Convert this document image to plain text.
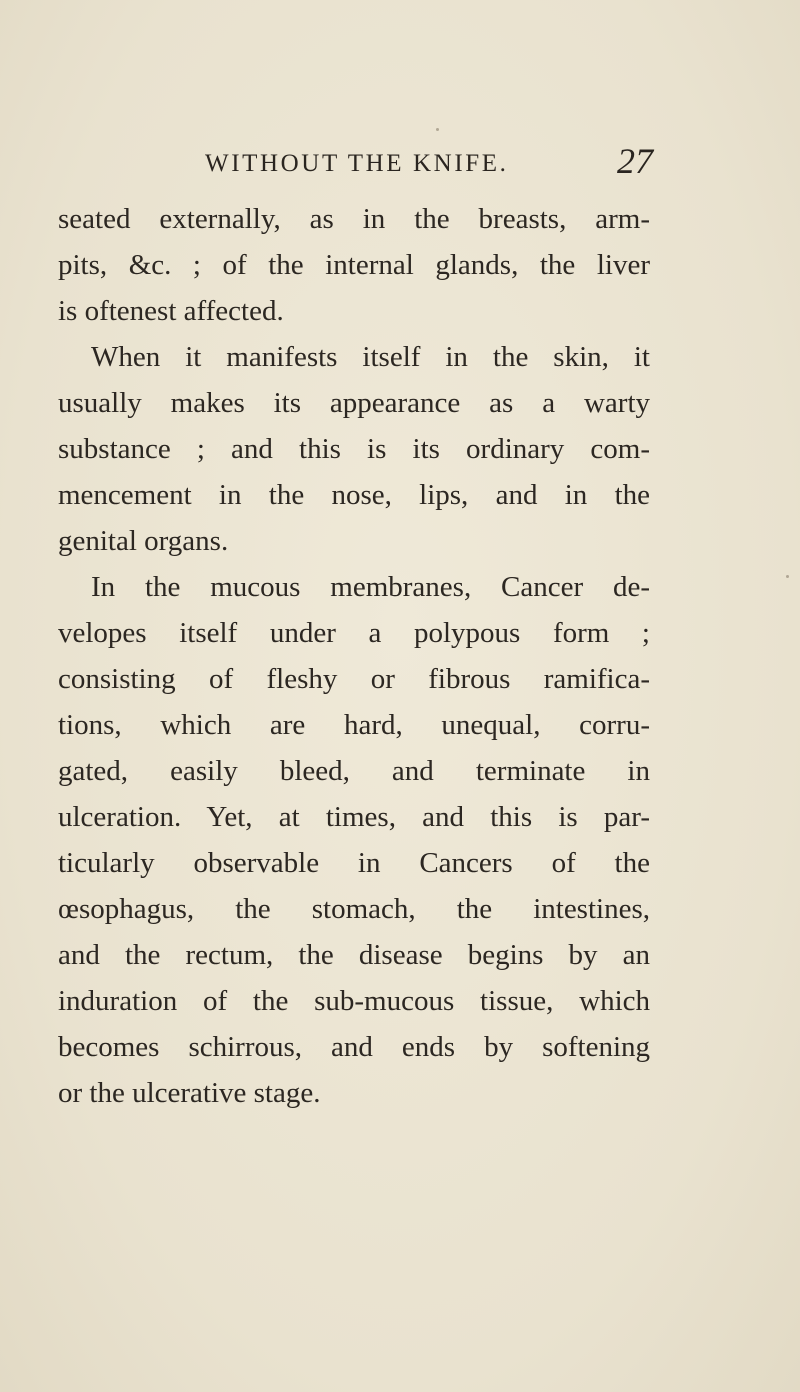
WITHOUT THE KNIFE.	27
seated externally, as in the breasts, arm-
pits, &c. ; of the internal glands, the liver
is oftenest affected.
When it manifests itself in the skin, it
usually makes its appearance as a warty
substance ; and this is its ordinary com-
mencement in the nose, lips, and in the
genital organs.
In the mucous membranes, Cancer de-
velopes itself under a polypous form ;
consisting of fleshy or fibrous ramifica-
tions, which are hard, unequal, corru-
gated, easily bleed, and terminate in
ulceration. Yet, at times, and this is par-
ticularly observable in Cancers of the
œsophagus, the stomach, the intestines,
and the rectum, the disease begins by an
induration of the sub-mucous tissue, which
becomes schirrous, and ends by softening
or the ulcerative stage.
